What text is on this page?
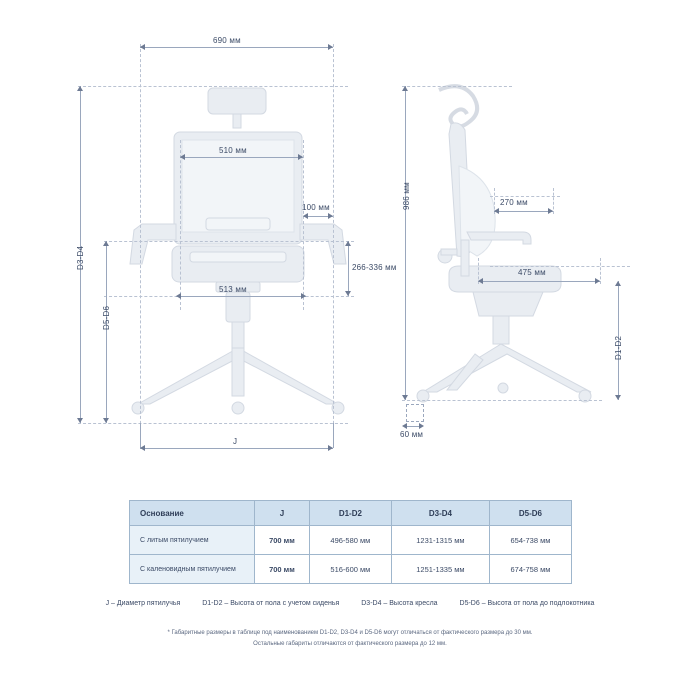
690 мм
510 мм
100 мм
513 мм
266-336 мм
D3-D4
D5-D6
J
986 мм	270 мм
475 мм
D1-D2
60 мм
Основание	J	D1-D2	D3-D4	D5-D6
С литым пятилучием	700 мм	496-580 мм	1231-1315 мм	654-738 мм
С каленовидным пятилучием	700 мм	516-600 мм	1251-1335 мм	674-758 мм
J – Диаметр пятилучья	D1-D2 – Высота от пола с учетом сиденья	D3-D4 – Высота кресла	D5-D6 – Высота от пола до подлокотника
* Габаритные размеры в таблице под наименованием D1-D2, D3-D4 и D5-D6 могут отличаться от фактического размера до 30 мм.
Остальные габариты отличаются от фактического размера до 12 мм.
